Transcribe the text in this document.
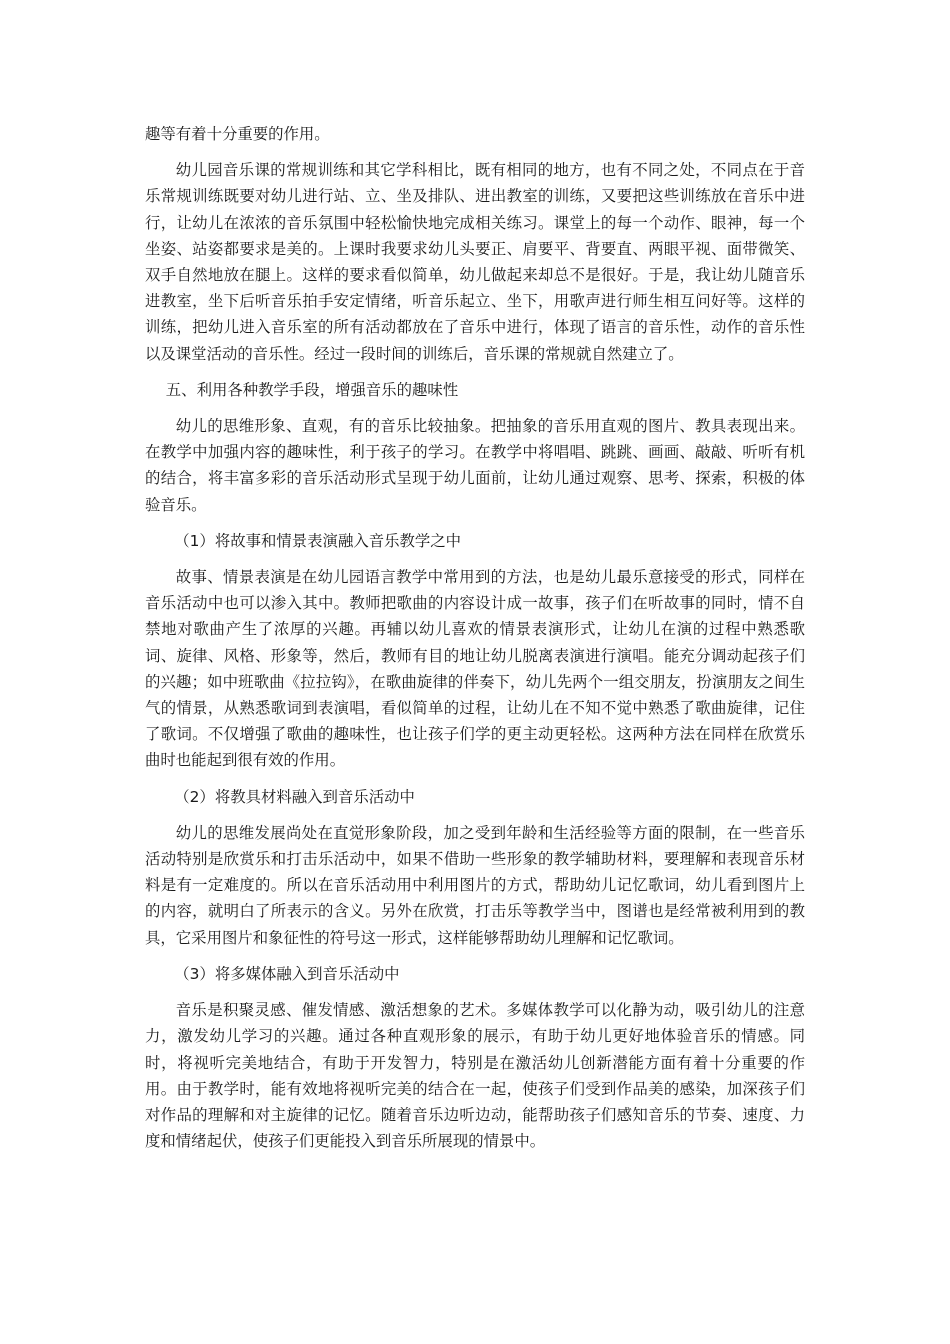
趣等有着十分重要的作用。

幼儿园音乐课的常规训练和其它学科相比，既有相同的地方，也有不同之处，不同点在于音乐常规训练既要对幼儿进行站、立、坐及排队、进出教室的训练，又要把这些训练放在音乐中进行，让幼儿在浓浓的音乐氛围中轻松愉快地完成相关练习。课堂上的每一个动作、眼神，每一个坐姿、站姿都要求是美的。上课时我要求幼儿头要正、肩要平、背要直、两眼平视、面带微笑、双手自然地放在腿上。这样的要求看似简单，幼儿做起来却总不是很好。于是，我让幼儿随音乐进教室，坐下后听音乐拍手安定情绪，听音乐起立、坐下，用歌声进行师生相互问好等。这样的训练，把幼儿进入音乐室的所有活动都放在了音乐中进行，体现了语言的音乐性，动作的音乐性以及课堂活动的音乐性。经过一段时间的训练后，音乐课的常规就自然建立了。

五、利用各种教学手段，增强音乐的趣味性

幼儿的思维形象、直观，有的音乐比较抽象。把抽象的音乐用直观的图片、教具表现出来。在教学中加强内容的趣味性，利于孩子的学习。在教学中将唱唱、跳跳、画画、敲敲、听听有机的结合，将丰富多彩的音乐活动形式呈现于幼儿面前，让幼儿通过观察、思考、探索，积极的体验音乐。

（1）将故事和情景表演融入音乐教学之中

故事、情景表演是在幼儿园语言教学中常用到的方法，也是幼儿最乐意接受的形式，同样在音乐活动中也可以渗入其中。教师把歌曲的内容设计成一故事，孩子们在听故事的同时，情不自禁地对歌曲产生了浓厚的兴趣。再辅以幼儿喜欢的情景表演形式，让幼儿在演的过程中熟悉歌词、旋律、风格、形象等，然后，教师有目的地让幼儿脱离表演进行演唱。能充分调动起孩子们的兴趣；如中班歌曲《拉拉钩》，在歌曲旋律的伴奏下，幼儿先两个一组交朋友，扮演朋友之间生气的情景，从熟悉歌词到表演唱，看似简单的过程，让幼儿在不知不觉中熟悉了歌曲旋律，记住了歌词。不仅增强了歌曲的趣味性，也让孩子们学的更主动更轻松。这两种方法在同样在欣赏乐曲时也能起到很有效的作用。

（2）将教具材料融入到音乐活动中

幼儿的思维发展尚处在直觉形象阶段，加之受到年龄和生活经验等方面的限制，在一些音乐活动特别是欣赏乐和打击乐活动中，如果不借助一些形象的教学辅助材料，要理解和表现音乐材料是有一定难度的。所以在音乐活动用中利用图片的方式，帮助幼儿记忆歌词，幼儿看到图片上的内容，就明白了所表示的含义。另外在欣赏，打击乐等教学当中，图谱也是经常被利用到的教具，它采用图片和象征性的符号这一形式，这样能够帮助幼儿理解和记忆歌词。

（3）将多媒体融入到音乐活动中

音乐是积聚灵感、催发情感、激活想象的艺术。多媒体教学可以化静为动，吸引幼儿的注意力，激发幼儿学习的兴趣。通过各种直观形象的展示，有助于幼儿更好地体验音乐的情感。同时，将视听完美地结合，有助于开发智力，特别是在激活幼儿创新潜能方面有着十分重要的作用。由于教学时，能有效地将视听完美的结合在一起，使孩子们受到作品美的感染，加深孩子们对作品的理解和对主旋律的记忆。随着音乐边听边动，能帮助孩子们感知音乐的节奏、速度、力度和情绪起伏，使孩子们更能投入到音乐所展现的情景中。
